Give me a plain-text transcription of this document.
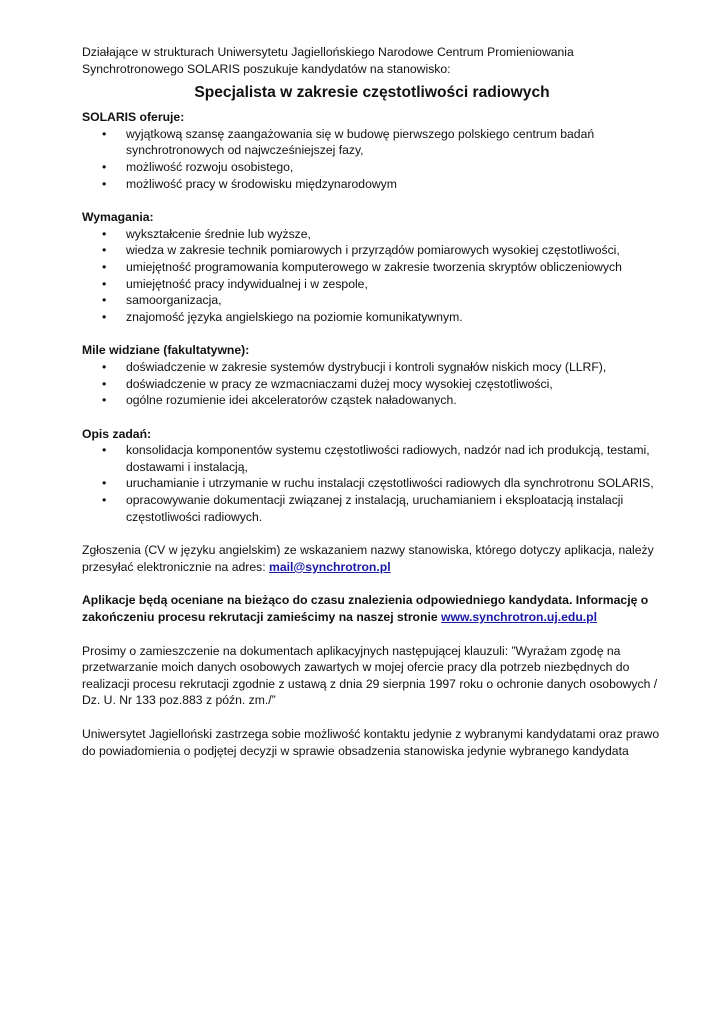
Działające w strukturach Uniwersytetu Jagiellońskiego Narodowe Centrum Promieniowania Synchrotronowego SOLARIS poszukuje kandydatów na stanowisko:

Specjalista w zakresie częstotliwości radiowych
SOLARIS oferuje:
• wyjątkową szansę zaangażowania się w budowę pierwszego polskiego centrum badań synchrotronowych od najwcześniejszej fazy,
• możliwość rozwoju osobistego,
• możliwość pracy w środowisku międzynarodowym
Wymagania:
• wykształcenie średnie lub wyższe,
• wiedza w zakresie technik pomiarowych i przyrządów pomiarowych wysokiej częstotliwości,
• umiejętność programowania komputerowego w zakresie tworzenia skryptów obliczeniowych
• umiejętność pracy indywidualnej i w zespole,
• samoorganizacja,
• znajomość języka angielskiego na poziomie komunikatywnym.
Mile widziane (fakultatywne):
• doświadczenie w zakresie systemów dystrybucji i kontroli sygnałów niskich mocy (LLRF),
• doświadczenie w pracy ze wzmacniaczami dużej mocy wysokiej częstotliwości,
• ogólne rozumienie idei akceleratorów cząstek naładowanych.
Opis zadań:
• konsolidacja komponentów systemu częstotliwości radiowych, nadzór nad ich produkcją, testami, dostawami i instalacją,
• uruchamianie i utrzymanie w ruchu instalacji częstotliwości radiowych dla synchrotronu SOLARIS,
• opracowywanie dokumentacji związanej z instalacją, uruchamianiem i eksploatacją instalacji częstotliwości radiowych.

Zgłoszenia (CV w języku angielskim) ze wskazaniem nazwy stanowiska, którego dotyczy aplikacja, należy przesyłać elektronicznie na adres: mail@synchrotron.pl

Aplikacje będą oceniane na bieżąco do czasu znalezienia odpowiedniego kandydata. Informację o zakończeniu procesu rekrutacji zamieścimy na naszej stronie www.synchrotron.uj.edu.pl

Prosimy o zamieszczenie na dokumentach aplikacyjnych następującej klauzuli: ”Wyrażam zgodę na przetwarzanie moich danych osobowych zawartych w mojej ofercie pracy dla potrzeb niezbędnych do realizacji procesu rekrutacji zgodnie z ustawą z dnia 29 sierpnia 1997 roku o ochronie danych osobowych / Dz. U. Nr 133 poz.883 z późn. zm./”

Uniwersytet Jagielloński zastrzega sobie możliwość kontaktu jedynie z wybranymi kandydatami oraz prawo do powiadomienia o podjętej decyzji w sprawie obsadzenia stanowiska jedynie wybranego kandydata
